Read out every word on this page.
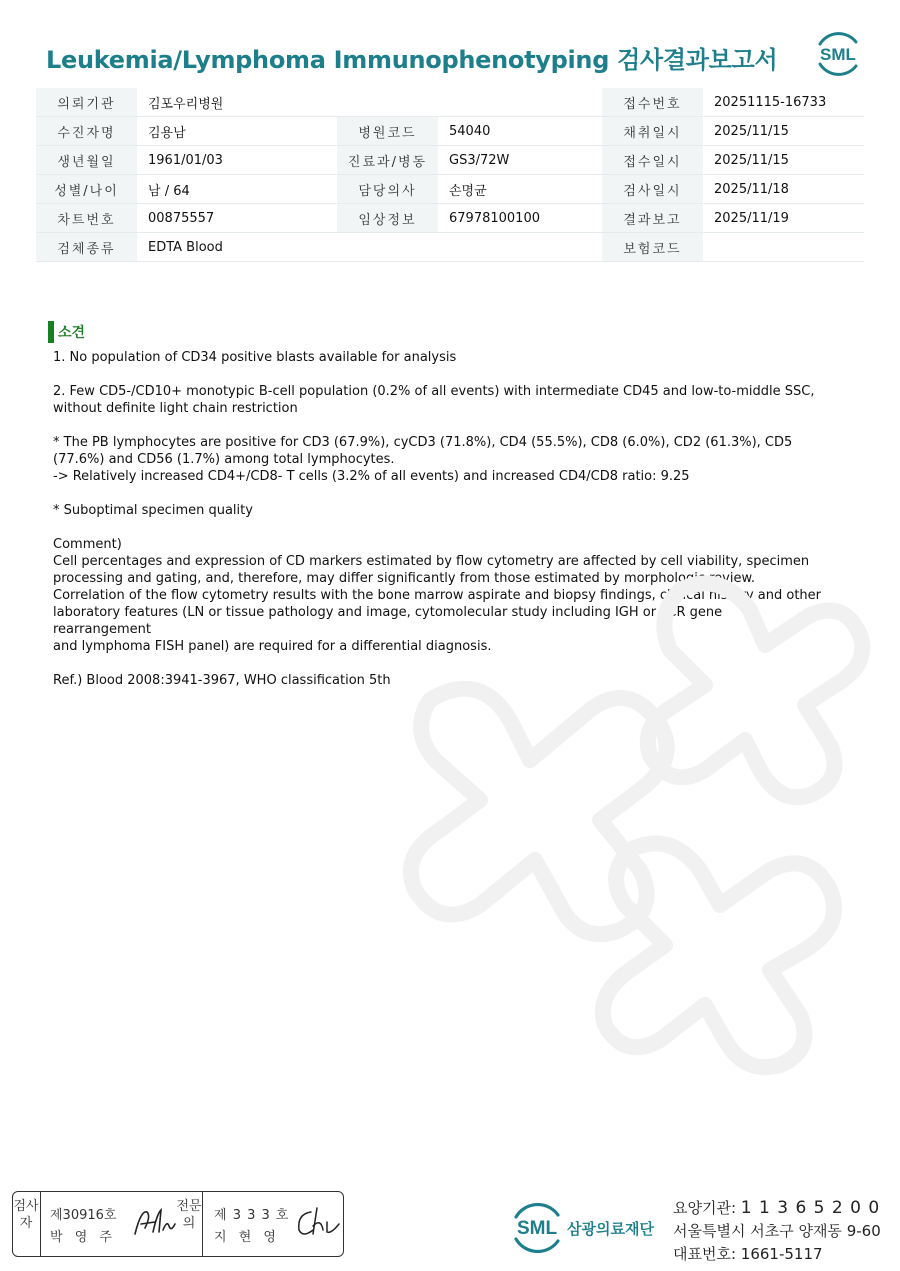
Leukemia/Lymphoma Immunophenotyping 검사결과보고서	SML
의뢰기관	김포우리병원			접수번호	20251115-16733
수진자명	김용남	병원코드	54040	채취일시	2025/11/15
생년월일	1961/01/03	진료과/병동	GS3/72W	접수일시	2025/11/15
성별/나이	남 / 64	담당의사	손명균	검사일시	2025/11/18
차트번호	00875557	임상정보	67978100100	결과보고	2025/11/19
검체종류	EDTA Blood			보험코드	
소견

1. No population of CD34 positive blasts available for analysis

2. Few CD5-/CD10+ monotypic B-cell population (0.2% of all events) with intermediate CD45 and low-to-middle SSC,
without definite light chain restriction

* The PB lymphocytes are positive for CD3 (67.9%), cyCD3 (71.8%), CD4 (55.5%), CD8 (6.0%), CD2 (61.3%), CD5
(77.6%) and CD56 (1.7%) among total lymphocytes.
-> Relatively increased CD4+/CD8- T cells (3.2% of all events) and increased CD4/CD8 ratio: 9.25

* Suboptimal specimen quality

Comment)
Cell percentages and expression of CD markers estimated by flow cytometry are affected by cell viability, specimen
processing and gating, and, therefore, may differ significantly from those estimated by morphologic review.
Correlation of the flow cytometry results with the bone marrow aspirate and biopsy findings, clinical history and other
laboratory features (LN or tissue pathology and image, cytomolecular study including IGH or TCR gene rearrangement
and lymphoma FISH panel) are required for a differential diagnosis.

Ref.) Blood 2008:3941-3967, WHO classification 5th

검사자
제30916호
박 영 주
전문의
제 3 3 3 호
지 현 영	SML 삼광의료재단
요양기관: 1 1 3 6 5 2 0 0
서울특별시 서초구 양재동 9-60
대표번호: 1661-5117
